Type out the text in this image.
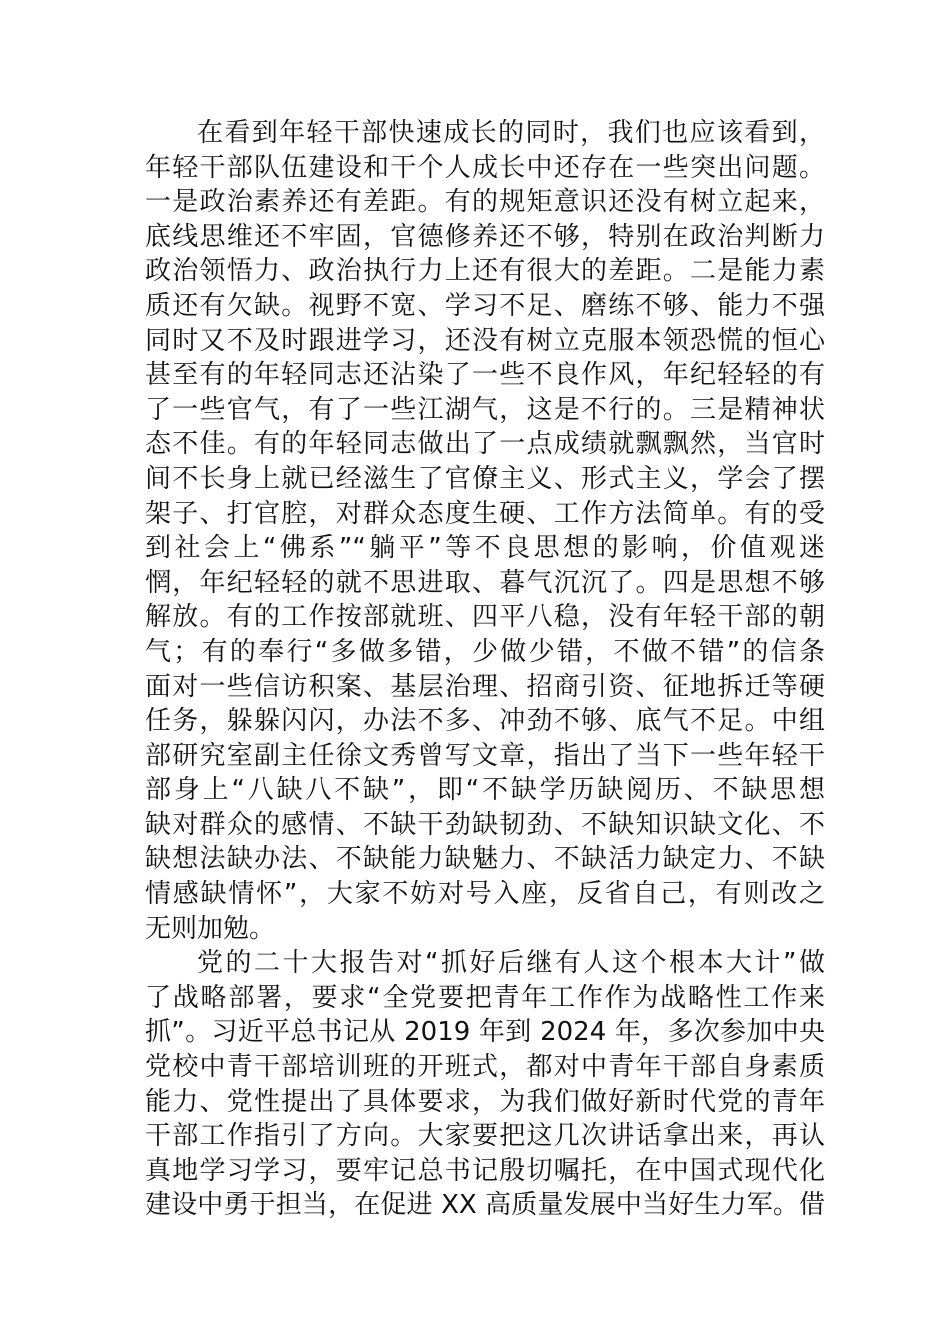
在看到年轻干部快速成长的同时，我们也应该看到，
年轻干部队伍建设和干个人成长中还存在一些突出问题。
一是政治素养还有差距。有的规矩意识还没有树立起来，
底线思维还不牢固，官德修养还不够，特别在政治判断力
政治领悟力、政治执行力上还有很大的差距。二是能力素
质还有欠缺。视野不宽、学习不足、磨练不够、能力不强
同时又不及时跟进学习，还没有树立克服本领恐慌的恒心
甚至有的年轻同志还沾染了一些不良作风，年纪轻轻的有
了一些官气，有了一些江湖气，这是不行的。三是精神状
态不佳。有的年轻同志做出了一点成绩就飘飘然，当官时
间不长身上就已经滋生了官僚主义、形式主义，学会了摆
架子、打官腔，对群众态度生硬、工作方法简单。有的受
到社会上“佛系”“躺平”等不良思想的影响，价值观迷
惘，年纪轻轻的就不思进取、暮气沉沉了。四是思想不够
解放。有的工作按部就班、四平八稳，没有年轻干部的朝
气；有的奉行“多做多错，少做少错，不做不错”的信条
面对一些信访积案、基层治理、招商引资、征地拆迁等硬
任务，躲躲闪闪，办法不多、冲劲不够、底气不足。中组
部研究室副主任徐文秀曾写文章，指出了当下一些年轻干
部身上“八缺八不缺”，即“不缺学历缺阅历、不缺思想
缺对群众的感情、不缺干劲缺韧劲、不缺知识缺文化、不
缺想法缺办法、不缺能力缺魅力、不缺活力缺定力、不缺
情感缺情怀”，大家不妨对号入座，反省自己，有则改之
无则加勉。

党的二十大报告对“抓好后继有人这个根本大计”做
了战略部署，要求“全党要把青年工作作为战略性工作来
抓”。习近平总书记从 2019 年到 2024 年，多次参加中央
党校中青干部培训班的开班式，都对中青年干部自身素质
能力、党性提出了具体要求，为我们做好新时代党的青年
干部工作指引了方向。大家要把这几次讲话拿出来，再认
真地学习学习，要牢记总书记殷切嘱托，在中国式现代化
建设中勇于担当，在促进 XX 高质量发展中当好生力军。借
